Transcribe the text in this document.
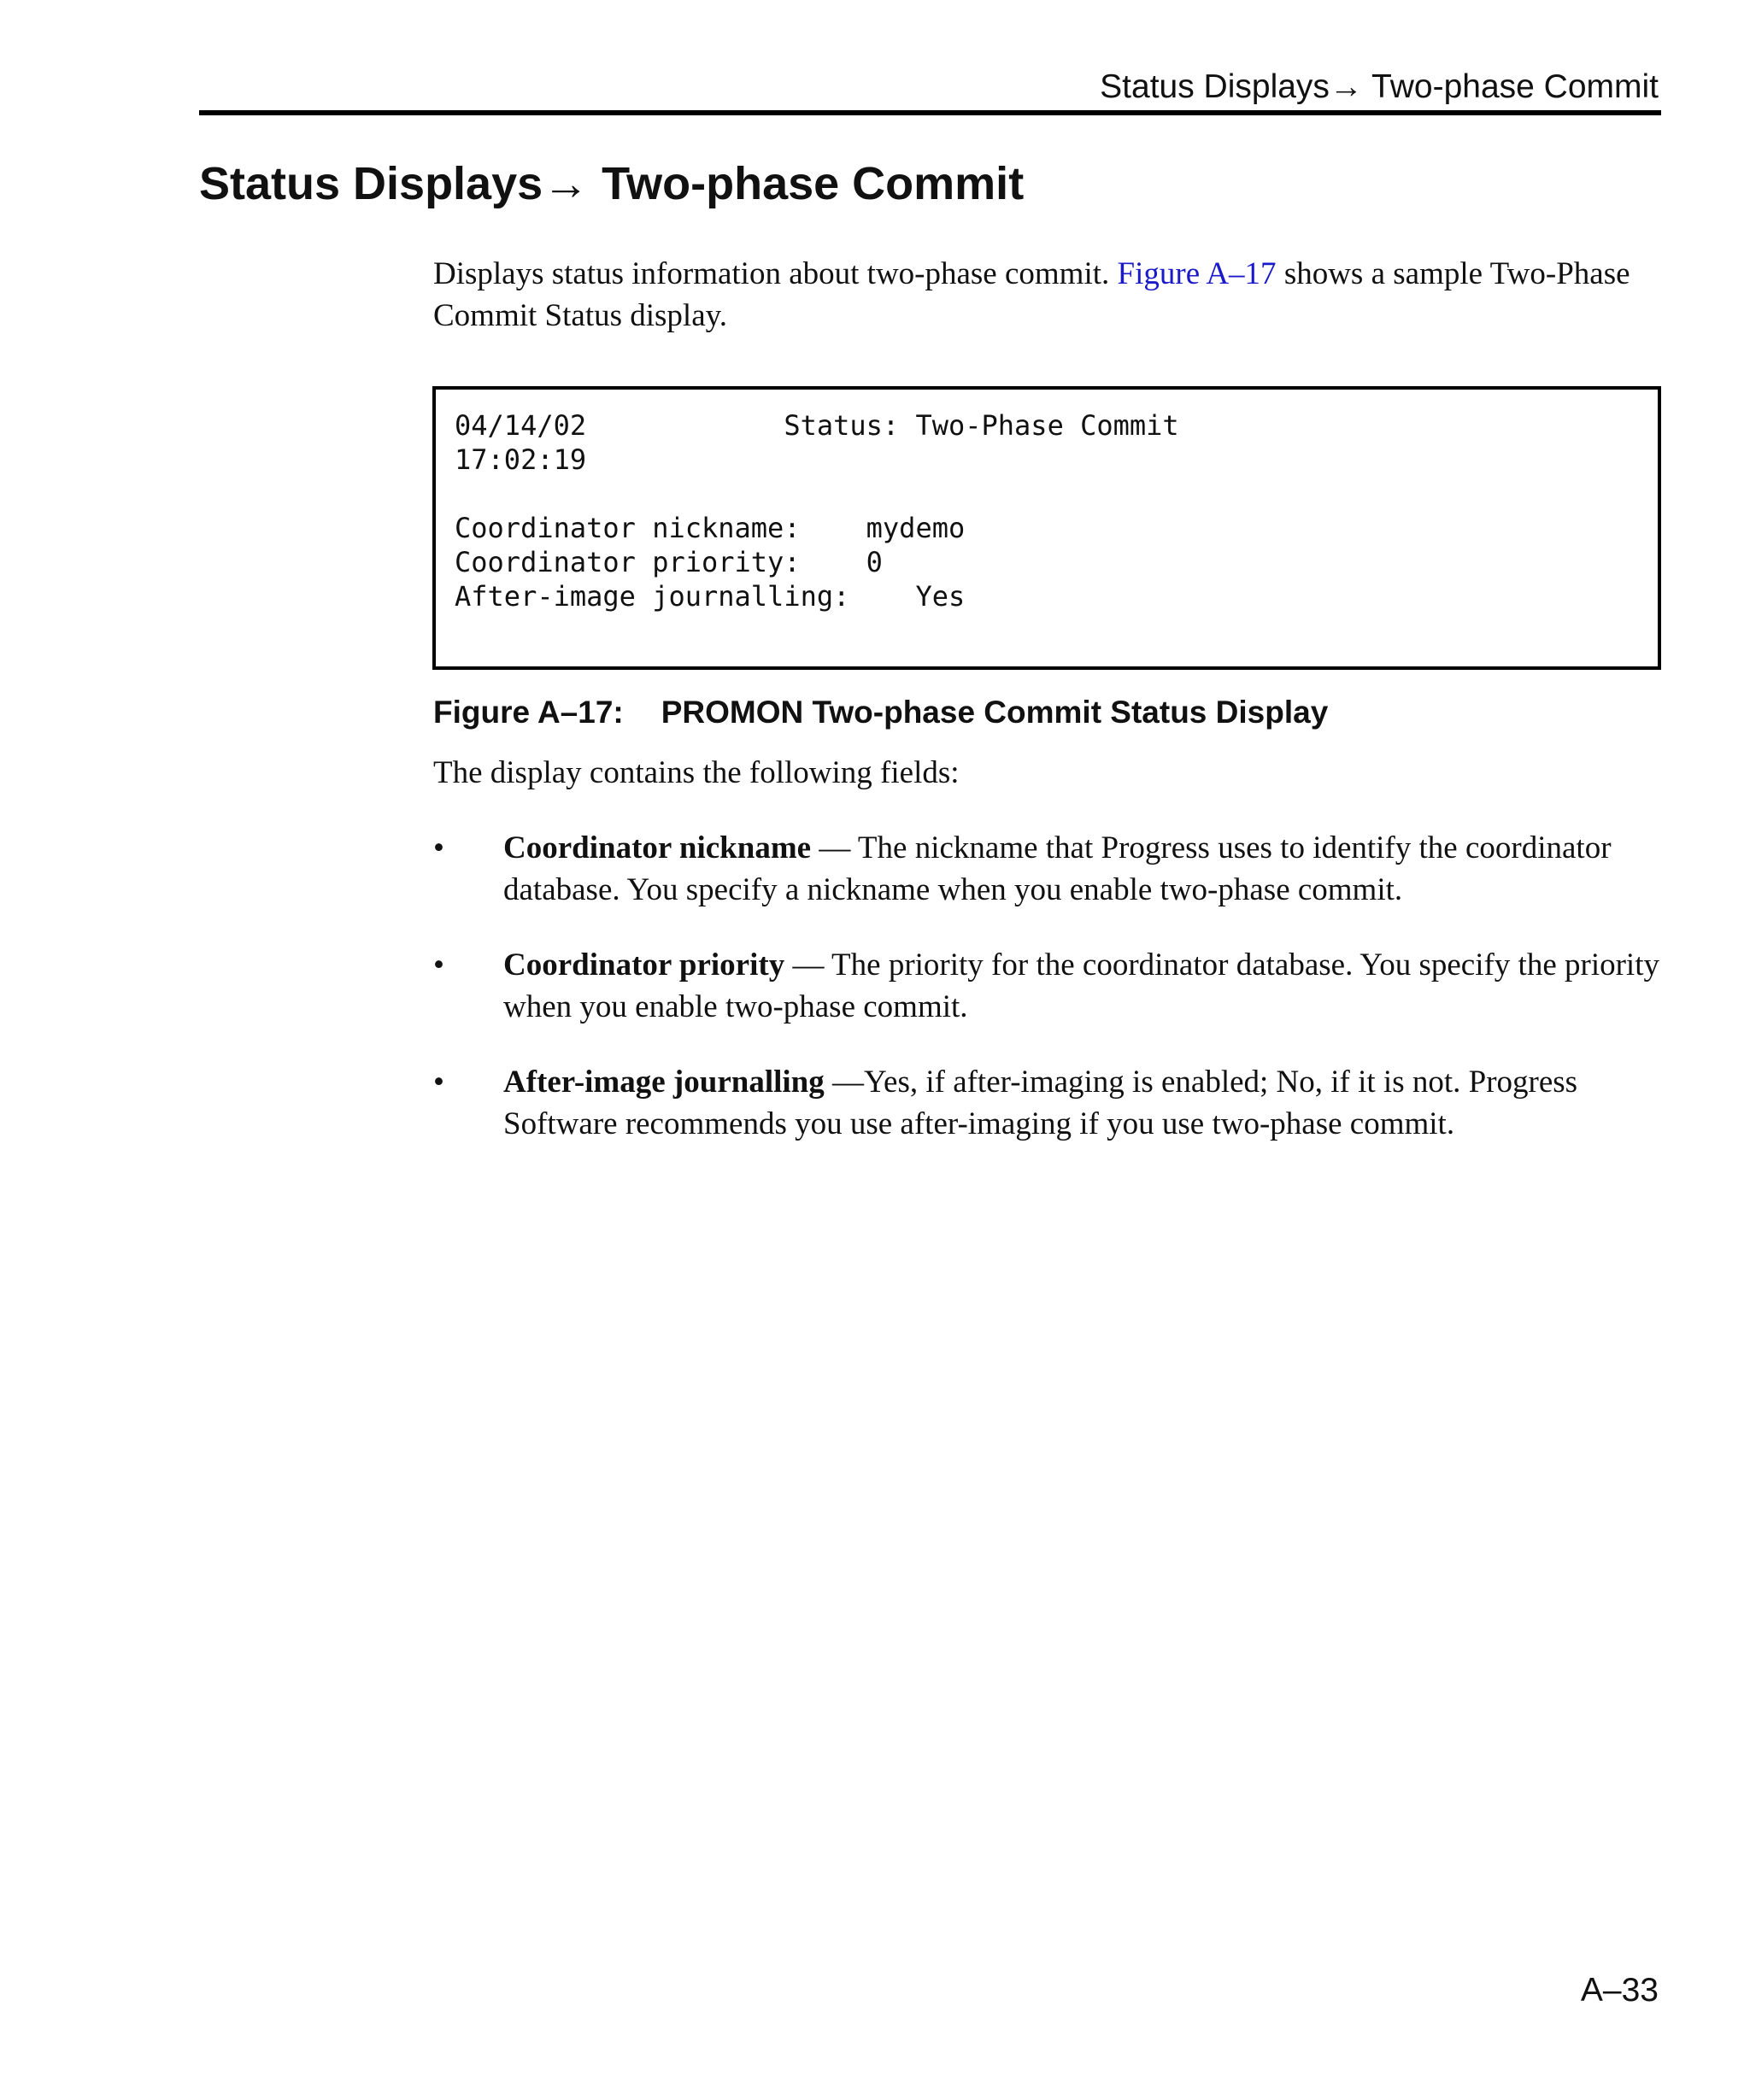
Status Displays→ Two-phase Commit
Status Displays→ Two-phase Commit

Displays status information about two-phase commit. Figure A–17 shows a sample Two-Phase Commit Status display.

04/14/02            Status: Two-Phase Commit
17:02:19
Coordinator nickname:    mydemo
Coordinator priority:    0
After-image journalling:    Yes
Figure A–17: PROMON Two-phase Commit Status Display

The display contains the following fields:

•	Coordinator nickname — The nickname that Progress uses to identify the coordinator database. You specify a nickname when you enable two-phase commit.
•	Coordinator priority — The priority for the coordinator database. You specify the priority when you enable two-phase commit.
•	After-image journalling —Yes, if after-imaging is enabled; No, if it is not. Progress Software recommends you use after-imaging if you use two-phase commit.
A–33
